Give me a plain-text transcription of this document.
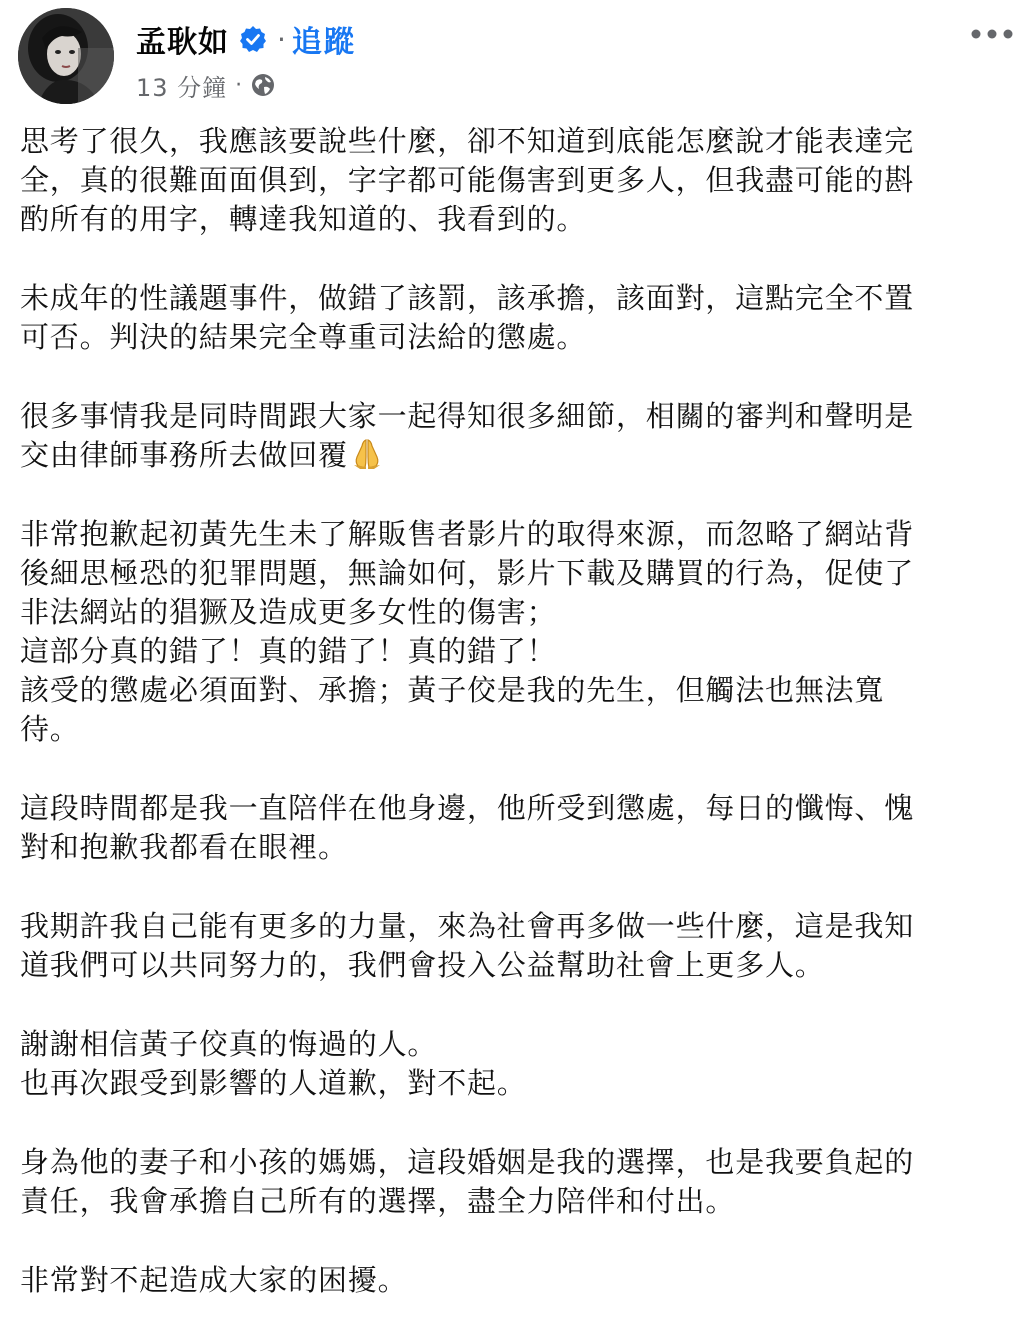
孟耿如 · 追蹤
13 分鐘 ·
思考了很久，我應該要說些什麼，卻不知道到底能怎麼說才能表達完
全，真的很難面面俱到，字字都可能傷害到更多人，但我盡可能的斟
酌所有的用字，轉達我知道的、我看到的。
未成年的性議題事件，做錯了該罰，該承擔，該面對，這點完全不置
可否。判決的結果完全尊重司法給的懲處。
很多事情我是同時間跟大家一起得知很多細節，相關的審判和聲明是
交由律師事務所去做回覆
非常抱歉起初黃先生未了解販售者影片的取得來源，而忽略了網站背
後細思極恐的犯罪問題，無論如何，影片下載及購買的行為，促使了
非法網站的猖獗及造成更多女性的傷害；
這部分真的錯了！真的錯了！真的錯了！
該受的懲處必須面對、承擔；黃子佼是我的先生，但觸法也無法寬
待。
這段時間都是我一直陪伴在他身邊，他所受到懲處，每日的懺悔、愧
對和抱歉我都看在眼裡。
我期許我自己能有更多的力量，來為社會再多做一些什麼，這是我知
道我們可以共同努力的，我們會投入公益幫助社會上更多人。
謝謝相信黃子佼真的悔過的人。
也再次跟受到影響的人道歉，對不起。
身為他的妻子和小孩的媽媽，這段婚姻是我的選擇，也是我要負起的
責任，我會承擔自己所有的選擇，盡全力陪伴和付出。
非常對不起造成大家的困擾。
